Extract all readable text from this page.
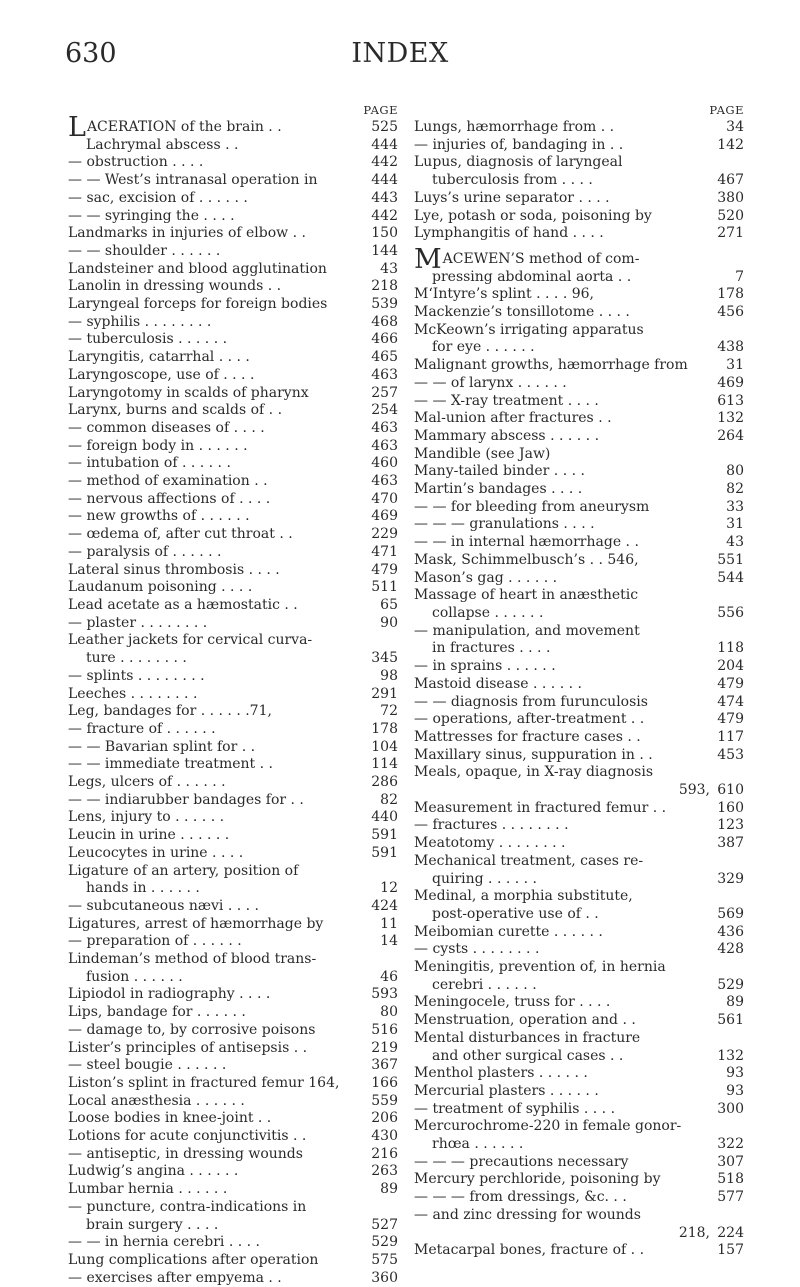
630	INDEX
PAGE
LACERATION of the brain . .	525
Lachrymal abscess . .	444
— obstruction . . . .	442
— — West’s intranasal operation in	444
— sac, excision of . . . . . .	443
— — syringing the . . . .	442
Landmarks in injuries of elbow . .	150
— — shoulder . . . . . .	144
Landsteiner and blood agglutination	43
Lanolin in dressing wounds . .	218
Laryngeal forceps for foreign bodies	539
— syphilis . . . . . . . .	468
— tuberculosis . . . . . .	466
Laryngitis, catarrhal . . . .	465
Laryngoscope, use of . . . .	463
Laryngotomy in scalds of pharynx	257
Larynx, burns and scalds of . .	254
— common diseases of . . . .	463
— foreign body in . . . . . .	463
— intubation of . . . . . .	460
— method of examination . .	463
— nervous affections of . . . .	470
— new growths of . . . . . .	469
— œdema of, after cut throat . .	229
— paralysis of . . . . . .	471
Lateral sinus thrombosis . . . .	479
Laudanum poisoning . . . .	511
Lead acetate as a hæmostatic . .	65
— plaster . . . . . . . .	90
Leather jackets for cervical curva-
ture . . . . . . . .	345
— splints . . . . . . . .	98
Leeches . . . . . . . .	291
Leg, bandages for . . . . . .71,	72
— fracture of . . . . . .	178
— — Bavarian splint for . .	104
— — immediate treatment . .	114
Legs, ulcers of . . . . . .	286
— — indiarubber bandages for . .	82
Lens, injury to . . . . . .	440
Leucin in urine . . . . . .	591
Leucocytes in urine . . . .	591
Ligature of an artery, position of
hands in . . . . . .	12
— subcutaneous nævi . . . .	424
Ligatures, arrest of hæmorrhage by	11
— preparation of . . . . . .	14
Lindeman’s method of blood trans-
fusion . . . . . .	46
Lipiodol in radiography . . . .	593
Lips, bandage for . . . . . .	80
— damage to, by corrosive poisons	516
Lister’s principles of antisepsis . .	219
— steel bougie . . . . . .	367
Liston’s splint in fractured femur 164, 166
Local anæsthesia . . . . . .	559
Loose bodies in knee-joint . .	206
Lotions for acute conjunctivitis . .	430
— antiseptic, in dressing wounds	216
Ludwig’s angina . . . . . .	263
Lumbar hernia . . . . . .	89
— puncture, contra-indications in
brain surgery . . . .	527
— — in hernia cerebri . . . .	529
Lung complications after operation	575
— exercises after empyema . .	360
PAGE
Lungs, hæmorrhage from . .	34
— injuries of, bandaging in . .	142
Lupus, diagnosis of laryngeal
tuberculosis from . . . .	467
Luys’s urine separator . . . .	380
Lye, potash or soda, poisoning by	520
Lymphangitis of hand . . . .	271
MACEWEN’S method of com-
pressing abdominal aorta . .	7
M‘Intyre’s splint . . . . 96,	178
Mackenzie’s tonsillotome . . . .	456
McKeown’s irrigating apparatus
for eye . . . . . .	438
Malignant growths, hæmorrhage from	31
— — of larynx . . . . . .	469
— — X-ray treatment . . . .	613
Mal-union after fractures . .	132
Mammary abscess . . . . . .	264
Mandible (see Jaw)
Many-tailed binder . . . .	80
Martin’s bandages . . . .	82
— — for bleeding from aneurysm	33
— — — granulations . . . .	31
— — in internal hæmorrhage . .	43
Mask, Schimmelbusch’s . . 546,	551
Mason’s gag . . . . . .	544
Massage of heart in anæsthetic
collapse . . . . . .	556
— manipulation, and movement
in fractures . . . .	118
— in sprains . . . . . .	204
Mastoid disease . . . . . .	479
— — diagnosis from furunculosis	474
— operations, after-treatment . .	479
Mattresses for fracture cases . .	117
Maxillary sinus, suppuration in . .	453
Meals, opaque, in X-ray diagnosis
593, 610
Measurement in fractured femur . .	160
— fractures . . . . . . . .	123
Meatotomy . . . . . . . .	387
Mechanical treatment, cases re-
quiring . . . . . .	329
Medinal, a morphia substitute,
post-operative use of . .	569
Meibomian curette . . . . . .	436
— cysts . . . . . . . .	428
Meningitis, prevention of, in hernia
cerebri . . . . . .	529
Meningocele, truss for . . . .	89
Menstruation, operation and . .	561
Mental disturbances in fracture
and other surgical cases . .	132
Menthol plasters . . . . . .	93
Mercurial plasters . . . . . .	93
— treatment of syphilis . . . .	300
Mercurochrome-220 in female gonor-
rhœa . . . . . .	322
— — — precautions necessary	307
Mercury perchloride, poisoning by	518
— — — from dressings, &c. . .	577
— and zinc dressing for wounds
218, 224
Metacarpal bones, fracture of . .	157
